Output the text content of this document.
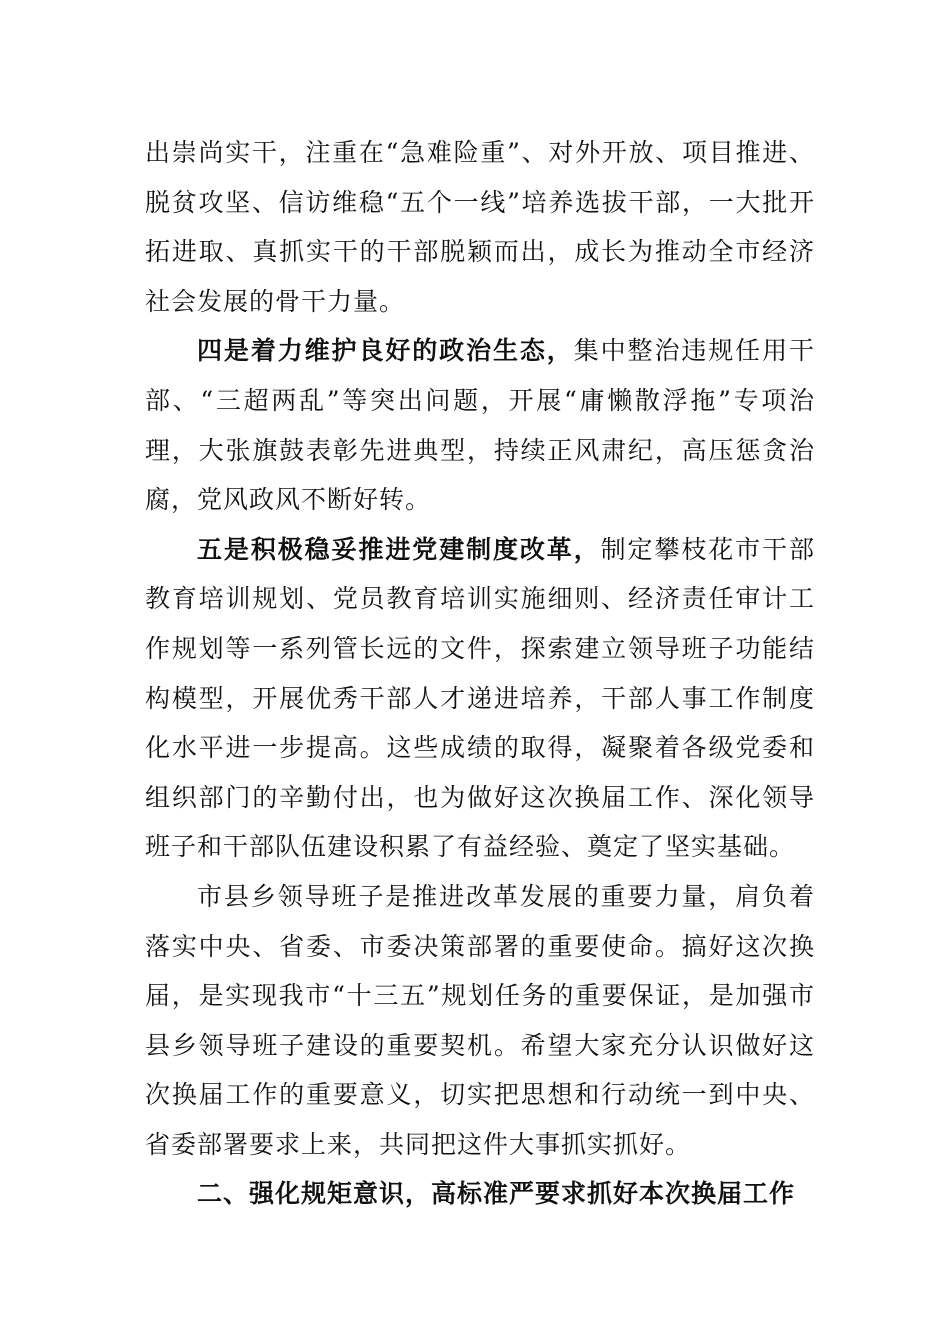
出崇尚实干，注重在“急难险重”、对外开放、项目推进、脱贫攻坚、信访维稳“五个一线”培养选拔干部，一大批开拓进取、真抓实干的干部脱颖而出，成长为推动全市经济社会发展的骨干力量。

四是着力维护良好的政治生态，集中整治违规任用干部、“三超两乱”等突出问题，开展“庸懒散浮拖”专项治理，大张旗鼓表彰先进典型，持续正风肃纪，高压惩贪治腐，党风政风不断好转。

五是积极稳妥推进党建制度改革，制定攀枝花市干部教育培训规划、党员教育培训实施细则、经济责任审计工作规划等一系列管长远的文件，探索建立领导班子功能结构模型，开展优秀干部人才递进培养，干部人事工作制度化水平进一步提高。这些成绩的取得，凝聚着各级党委和组织部门的辛勤付出，也为做好这次换届工作、深化领导班子和干部队伍建设积累了有益经验、奠定了坚实基础。

市县乡领导班子是推进改革发展的重要力量，肩负着落实中央、省委、市委决策部署的重要使命。搞好这次换届，是实现我市“十三五”规划任务的重要保证，是加强市县乡领导班子建设的重要契机。希望大家充分认识做好这次换届工作的重要意义，切实把思想和行动统一到中央、省委部署要求上来，共同把这件大事抓实抓好。

二、强化规矩意识，高标准严要求抓好本次换届工作
